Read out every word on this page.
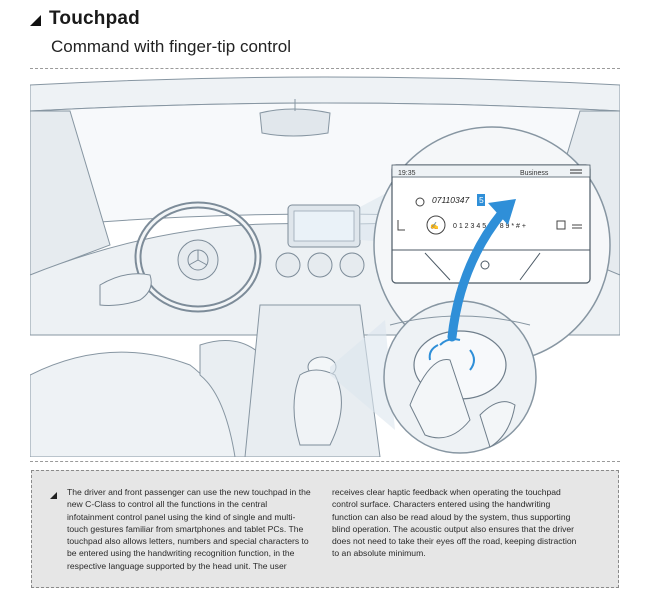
Touchpad
Command with finger-tip control
19:35	Business
07110347 5
✍ 0 1 2 3 4 5 6 7 8 9 * # +
The driver and front passenger can use the new touchpad in the new C-Class to control all the functions in the central infotainment control panel using the kind of single and multi-touch gestures familiar from smartphones and tablet PCs. The touchpad also allows letters, numbers and special characters to be entered using the handwriting recognition function, in the respective language supported by the head unit. The user
receives clear haptic feedback when operating the touchpad control surface. Characters entered using the handwriting function can also be read aloud by the system, thus supporting blind operation. The acoustic output also ensures that the driver does not need to take their eyes off the road, keeping distraction to an absolute minimum.
